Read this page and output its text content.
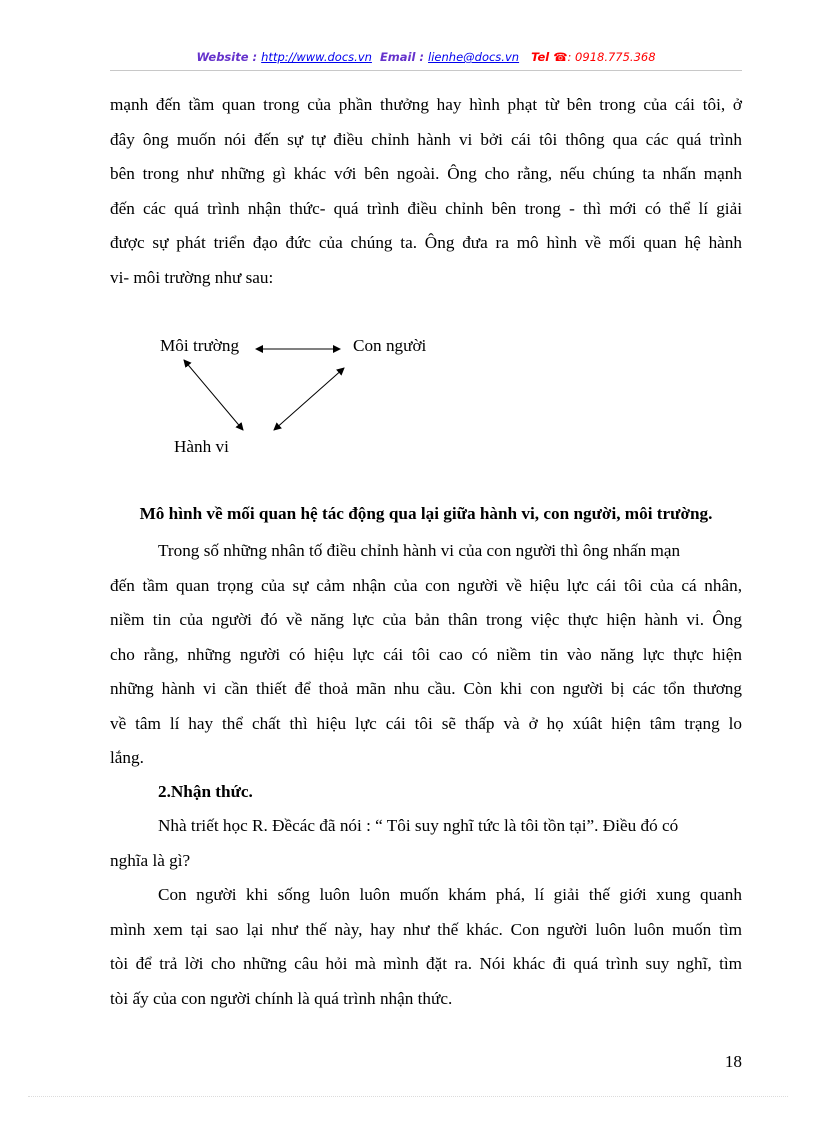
Website : http://www.docs.vn Email : lienhe@docs.vn Tel ☎: 0918.775.368
mạnh đến tầm quan trong của phần thưởng hay hình phạt từ bên trong của cái tôi, ở
đây ông muốn nói đến sự tự điều chỉnh hành vi bởi cái tôi thông qua các quá trình
bên trong như những gì khác với bên ngoài. Ông cho rằng, nếu chúng ta nhấn mạnh
đến các quá trình nhận thức- quá trình điều chỉnh bên trong - thì mới có thể lí giải
được sự phát triển đạo đức của chúng ta. Ông đưa ra mô hình về mối quan hệ hành
vi- môi trường như sau:
Môi trường	Con người
Hành vi
Mô hình về mối quan hệ tác động qua lại giữa hành vi, con người, môi trường.
Trong số những nhân tố điều chỉnh hành vi của con người thì ông nhấn mạn
đến tầm quan trọng của sự cảm nhận của con người về hiệu lực cái tôi của cá nhân,
niềm tin của người đó về năng lực của bản thân trong việc thực hiện hành vi. Ông
cho rằng, những người có hiệu lực cái tôi cao có niềm tin vào năng lực thực hiện
những hành vi cần thiết để thoả mãn nhu cầu. Còn khi con người bị các tổn thương
về tâm lí hay thể chất thì hiệu lực cái tôi sẽ thấp và ở họ xúât hiện tâm trạng lo
lắng.
2.Nhận thức.
Nhà triết học R. Đềcác đã nói : “ Tôi suy nghĩ tức là tôi tồn tại”. Điều đó có
nghĩa là gì?
Con người khi sống luôn luôn muốn khám phá, lí giải thế giới xung quanh
mình xem tại sao lại như thế này, hay như thế khác. Con người luôn luôn muốn tìm
tòi để trả lời cho những câu hỏi mà mình đặt ra. Nói khác đi quá trình suy nghĩ, tìm
tòi ấy của con người chính là quá trình nhận thức.
18
